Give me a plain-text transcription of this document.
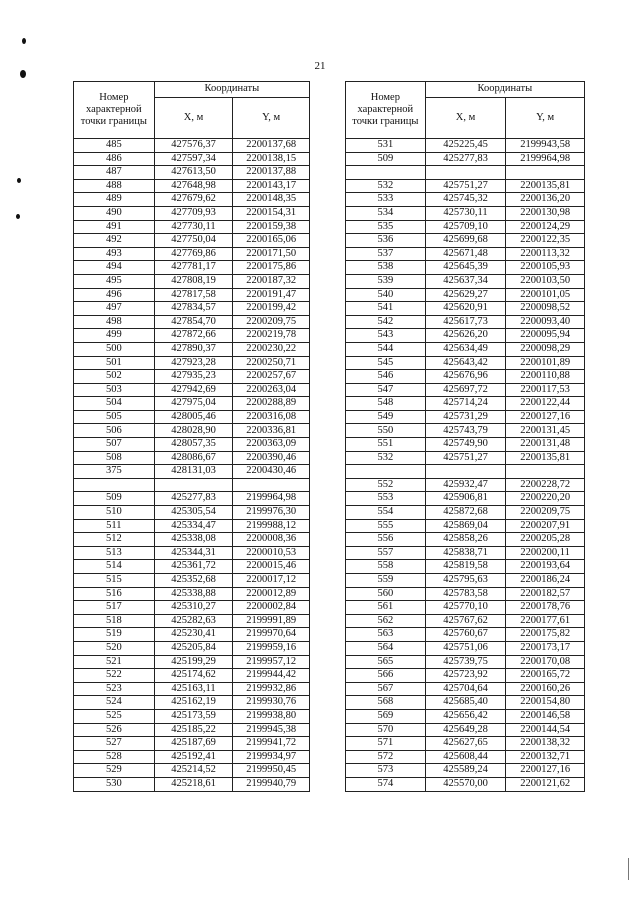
21
Номер характерной точки границы	Координаты	
	X, м	Y, м
485	427576,37	2200137,68
486	427597,34	2200138,15
487	427613,50	2200137,88
488	427648,98	2200143,17
489	427679,62	2200148,35
490	427709,93	2200154,31
491	427730,11	2200159,38
492	427750,04	2200165,06
493	427769,86	2200171,50
494	427781,17	2200175,86
495	427808,19	2200187,32
496	427817,58	2200191,47
497	427834,57	2200199,42
498	427854,70	2200209,75
499	427872,66	2200219,78
500	427890,37	2200230,22
501	427923,28	2200250,71
502	427935,23	2200257,67
503	427942,69	2200263,04
504	427975,04	2200288,89
505	428005,46	2200316,08
506	428028,90	2200336,81
507	428057,35	2200363,09
508	428086,67	2200390,46
375	428131,03	2200430,46

509	425277,83	2199964,98
510	425305,54	2199976,30
511	425334,47	2199988,12
512	425338,08	2200008,36
513	425344,31	2200010,53
514	425361,72	2200015,46
515	425352,68	2200017,12
516	425338,88	2200012,89
517	425310,27	2200002,84
518	425282,63	2199991,89
519	425230,41	2199970,64
520	425205,84	2199959,16
521	425199,29	2199957,12
522	425174,62	2199944,42
523	425163,11	2199932,86
524	425162,19	2199930,76
525	425173,59	2199938,80
526	425185,22	2199945,38
527	425187,69	2199941,72
528	425192,41	2199934,97
529	425214,52	2199950,45
530	425218,61	2199940,79
Номер характерной точки границы	Координаты	
	X, м	Y, м
531	425225,45	2199943,58
509	425277,83	2199964,98

532	425751,27	2200135,81
533	425745,32	2200136,20
534	425730,11	2200130,98
535	425709,10	2200124,29
536	425699,68	2200122,35
537	425671,48	2200113,32
538	425645,39	2200105,93
539	425637,34	2200103,50
540	425629,27	2200101,05
541	425620,91	2200098,52
542	425617,73	2200093,40
543	425626,20	2200095,94
544	425634,49	2200098,29
545	425643,42	2200101,89
546	425676,96	2200110,88
547	425697,72	2200117,53
548	425714,24	2200122,44
549	425731,29	2200127,16
550	425743,79	2200131,45
551	425749,90	2200131,48
532	425751,27	2200135,81

552	425932,47	2200228,72
553	425906,81	2200220,20
554	425872,68	2200209,75
555	425869,04	2200207,91
556	425858,26	2200205,28
557	425838,71	2200200,11
558	425819,58	2200193,64
559	425795,63	2200186,24
560	425783,58	2200182,57
561	425770,10	2200178,76
562	425767,62	2200177,61
563	425760,67	2200175,82
564	425751,06	2200173,17
565	425739,75	2200170,08
566	425723,92	2200165,72
567	425704,64	2200160,26
568	425685,40	2200154,80
569	425656,42	2200146,58
570	425649,28	2200144,54
571	425627,65	2200138,32
572	425608,44	2200132,71
573	425589,24	2200127,16
574	425570,00	2200121,62
